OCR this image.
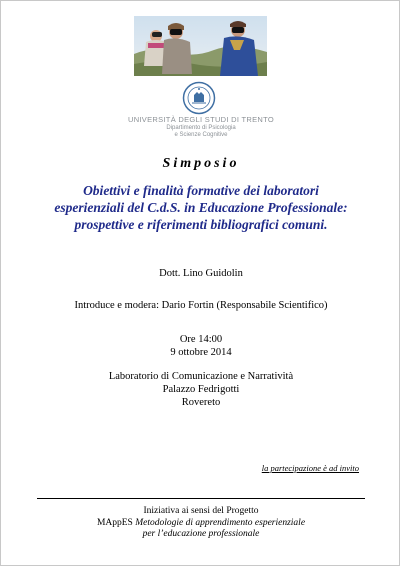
UNIVERSITÀ DEGLI STUDI DI TRENTO
Dipartimento di Psicologia
e Scienze Cognitive
Simposio
Obiettivi e finalità formative dei laboratori
esperienziali del C.d.S. in Educazione Professionale:
prospettive e riferimenti bibliografici comuni.
Dott. Lino Guidolin
Introduce e modera: Dario Fortin (Responsabile Scientifico)
Ore 14:00
9 ottobre 2014
Laboratorio di Comunicazione e Narratività
Palazzo Fedrigotti
Rovereto
la partecipazione è ad invito
Iniziativa ai sensi del Progetto
MAppES Metodologie di apprendimento esperienziale
per l’educazione professionale
